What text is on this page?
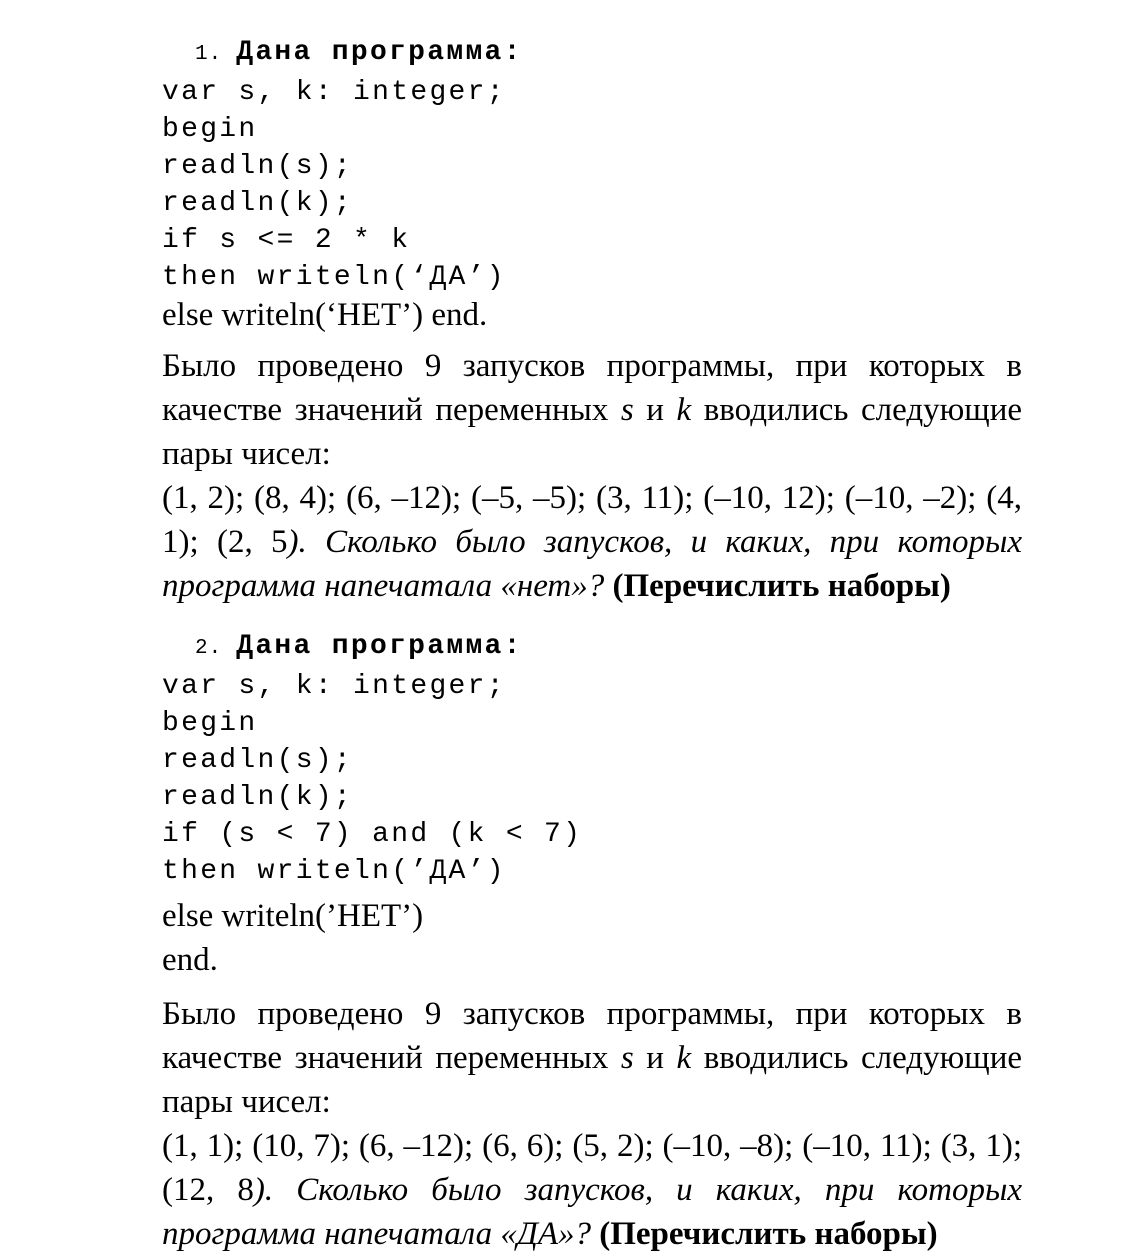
1. Дана программа:
var s, k: integer;
begin
readln(s);
readln(k);
if s <= 2 * k
then writeln(‘ДА’)
else writeln(‘НЕТ’) end.
Было проведено 9 запусков программы, при которых в
качестве значений переменных s и k вводились следующие
пары чисел:
(1, 2); (8, 4); (6, –12); (–5, –5); (3, 11); (–10, 12); (–10, –2); (4,
1); (2, 5). Сколько было запусков, и каких, при которых
программа напечатала «нет»? (Перечислить наборы)
2. Дана программа:
var s, k: integer;
begin
readln(s);
readln(k);
if (s < 7) and (k < 7)
then writeln(’ДА’)
else writeln(’НЕТ’)
end.
Было проведено 9 запусков программы, при которых в
качестве значений переменных s и k вводились следующие
пары чисел:
(1, 1); (10, 7); (6, –12); (6, 6); (5, 2); (–10, –8); (–10, 11); (3, 1);
(12, 8). Сколько было запусков, и каких, при которых
программа напечатала «ДА»? (Перечислить наборы)
